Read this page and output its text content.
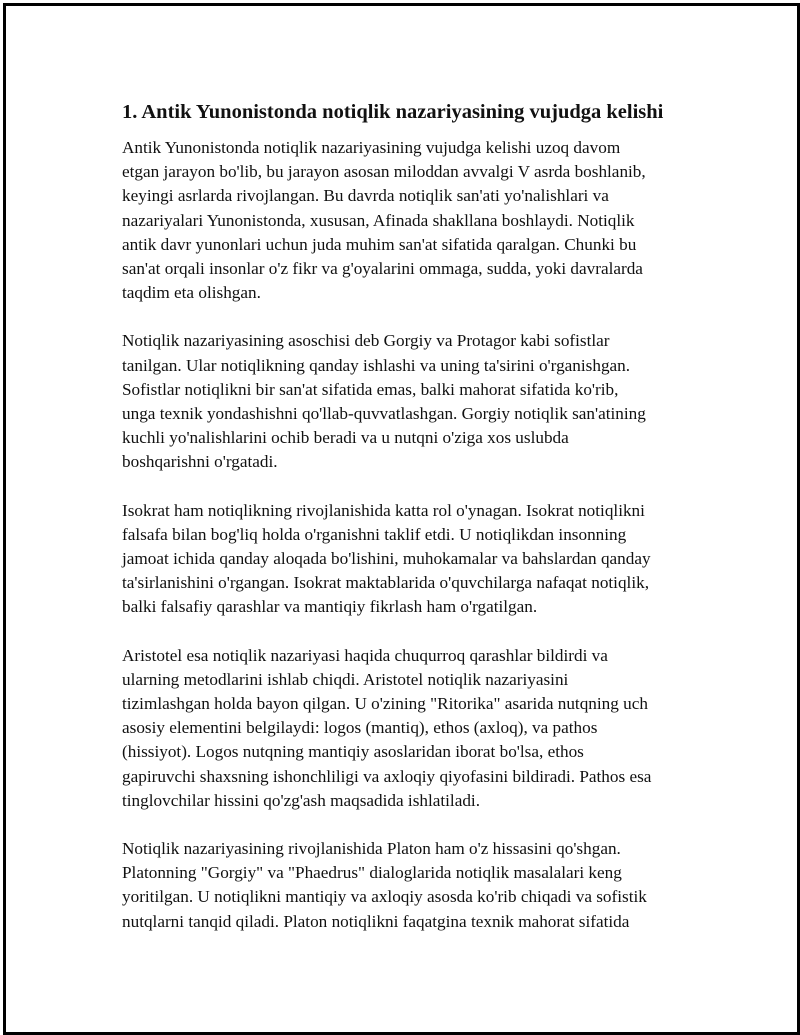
1. Antik Yunonistonda notiqlik nazariyasining vujudga kelishi

Antik Yunonistonda notiqlik nazariyasining vujudga kelishi uzoq davom
etgan jarayon bo'lib, bu jarayon asosan miloddan avvalgi V asrda boshlanib,
keyingi asrlarda rivojlangan. Bu davrda notiqlik san'ati yo'nalishlari va
nazariyalari Yunonistonda, xususan, Afinada shakllana boshlaydi. Notiqlik
antik davr yunonlari uchun juda muhim san'at sifatida qaralgan. Chunki bu
san'at orqali insonlar o'z fikr va g'oyalarini ommaga, sudda, yoki davralarda
taqdim eta olishgan.

Notiqlik nazariyasining asoschisi deb Gorgiy va Protagor kabi sofistlar
tanilgan. Ular notiqlikning qanday ishlashi va uning ta'sirini o'rganishgan.
Sofistlar notiqlikni bir san'at sifatida emas, balki mahorat sifatida ko'rib,
unga texnik yondashishni qo'llab-quvvatlashgan. Gorgiy notiqlik san'atining
kuchli yo'nalishlarini ochib beradi va u nutqni o'ziga xos uslubda
boshqarishni o'rgatadi.

Isokrat ham notiqlikning rivojlanishida katta rol o'ynagan. Isokrat notiqlikni
falsafa bilan bog'liq holda o'rganishni taklif etdi. U notiqlikdan insonning
jamoat ichida qanday aloqada bo'lishini, muhokamalar va bahslardan qanday
ta'sirlanishini o'rgangan. Isokrat maktablarida o'quvchilarga nafaqat notiqlik,
balki falsafiy qarashlar va mantiqiy fikrlash ham o'rgatilgan.

Aristotel esa notiqlik nazariyasi haqida chuqurroq qarashlar bildirdi va
ularning metodlarini ishlab chiqdi. Aristotel notiqlik nazariyasini
tizimlashgan holda bayon qilgan. U o'zining "Ritorika" asarida nutqning uch
asosiy elementini belgilaydi: logos (mantiq), ethos (axloq), va pathos
(hissiyot). Logos nutqning mantiqiy asoslaridan iborat bo'lsa, ethos
gapiruvchi shaxsning ishonchliligi va axloqiy qiyofasini bildiradi. Pathos esa
tinglovchilar hissini qo'zg'ash maqsadida ishlatiladi.

Notiqlik nazariyasining rivojlanishida Platon ham o'z hissasini qo'shgan.
Platonning "Gorgiy" va "Phaedrus" dialoglarida notiqlik masalalari keng
yoritilgan. U notiqlikni mantiqiy va axloqiy asosda ko'rib chiqadi va sofistik
nutqlarni tanqid qiladi. Platon notiqlikni faqatgina texnik mahorat sifatida
